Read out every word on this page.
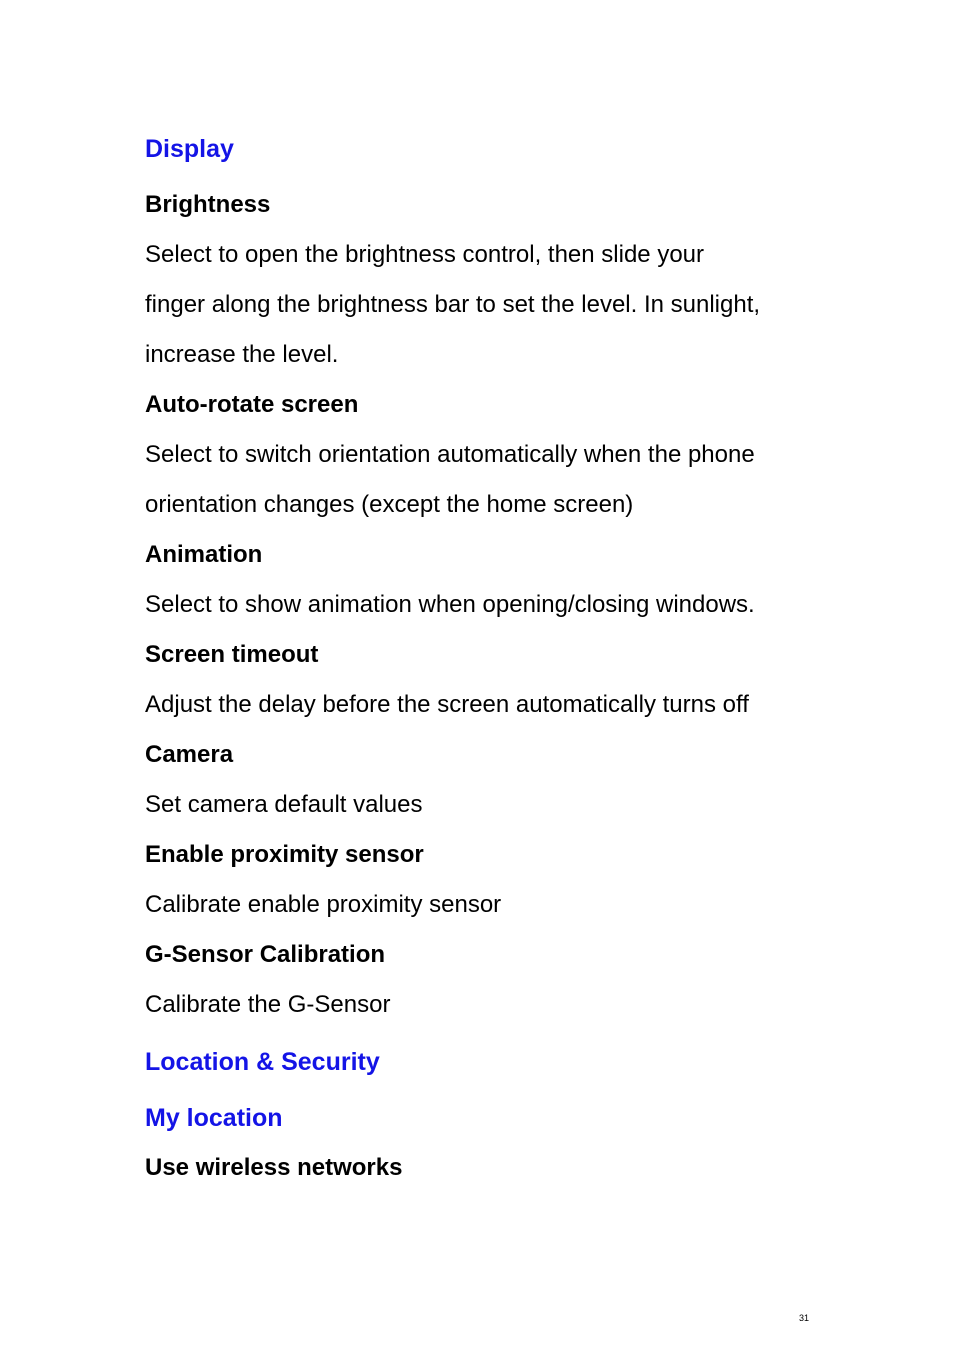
Display
Brightness
Select to open the brightness control, then slide your
finger along the brightness bar to set the level. In sunlight,
increase the level.
Auto-rotate screen
Select to switch orientation automatically when the phone
orientation changes (except the home screen)
Animation
Select to show animation when opening/closing windows.
Screen timeout
Adjust the delay before the screen automatically turns off
Camera
Set camera default values
Enable proximity sensor
Calibrate enable proximity sensor
G-Sensor Calibration
Calibrate the G-Sensor
Location & Security
My location
Use wireless networks
31
